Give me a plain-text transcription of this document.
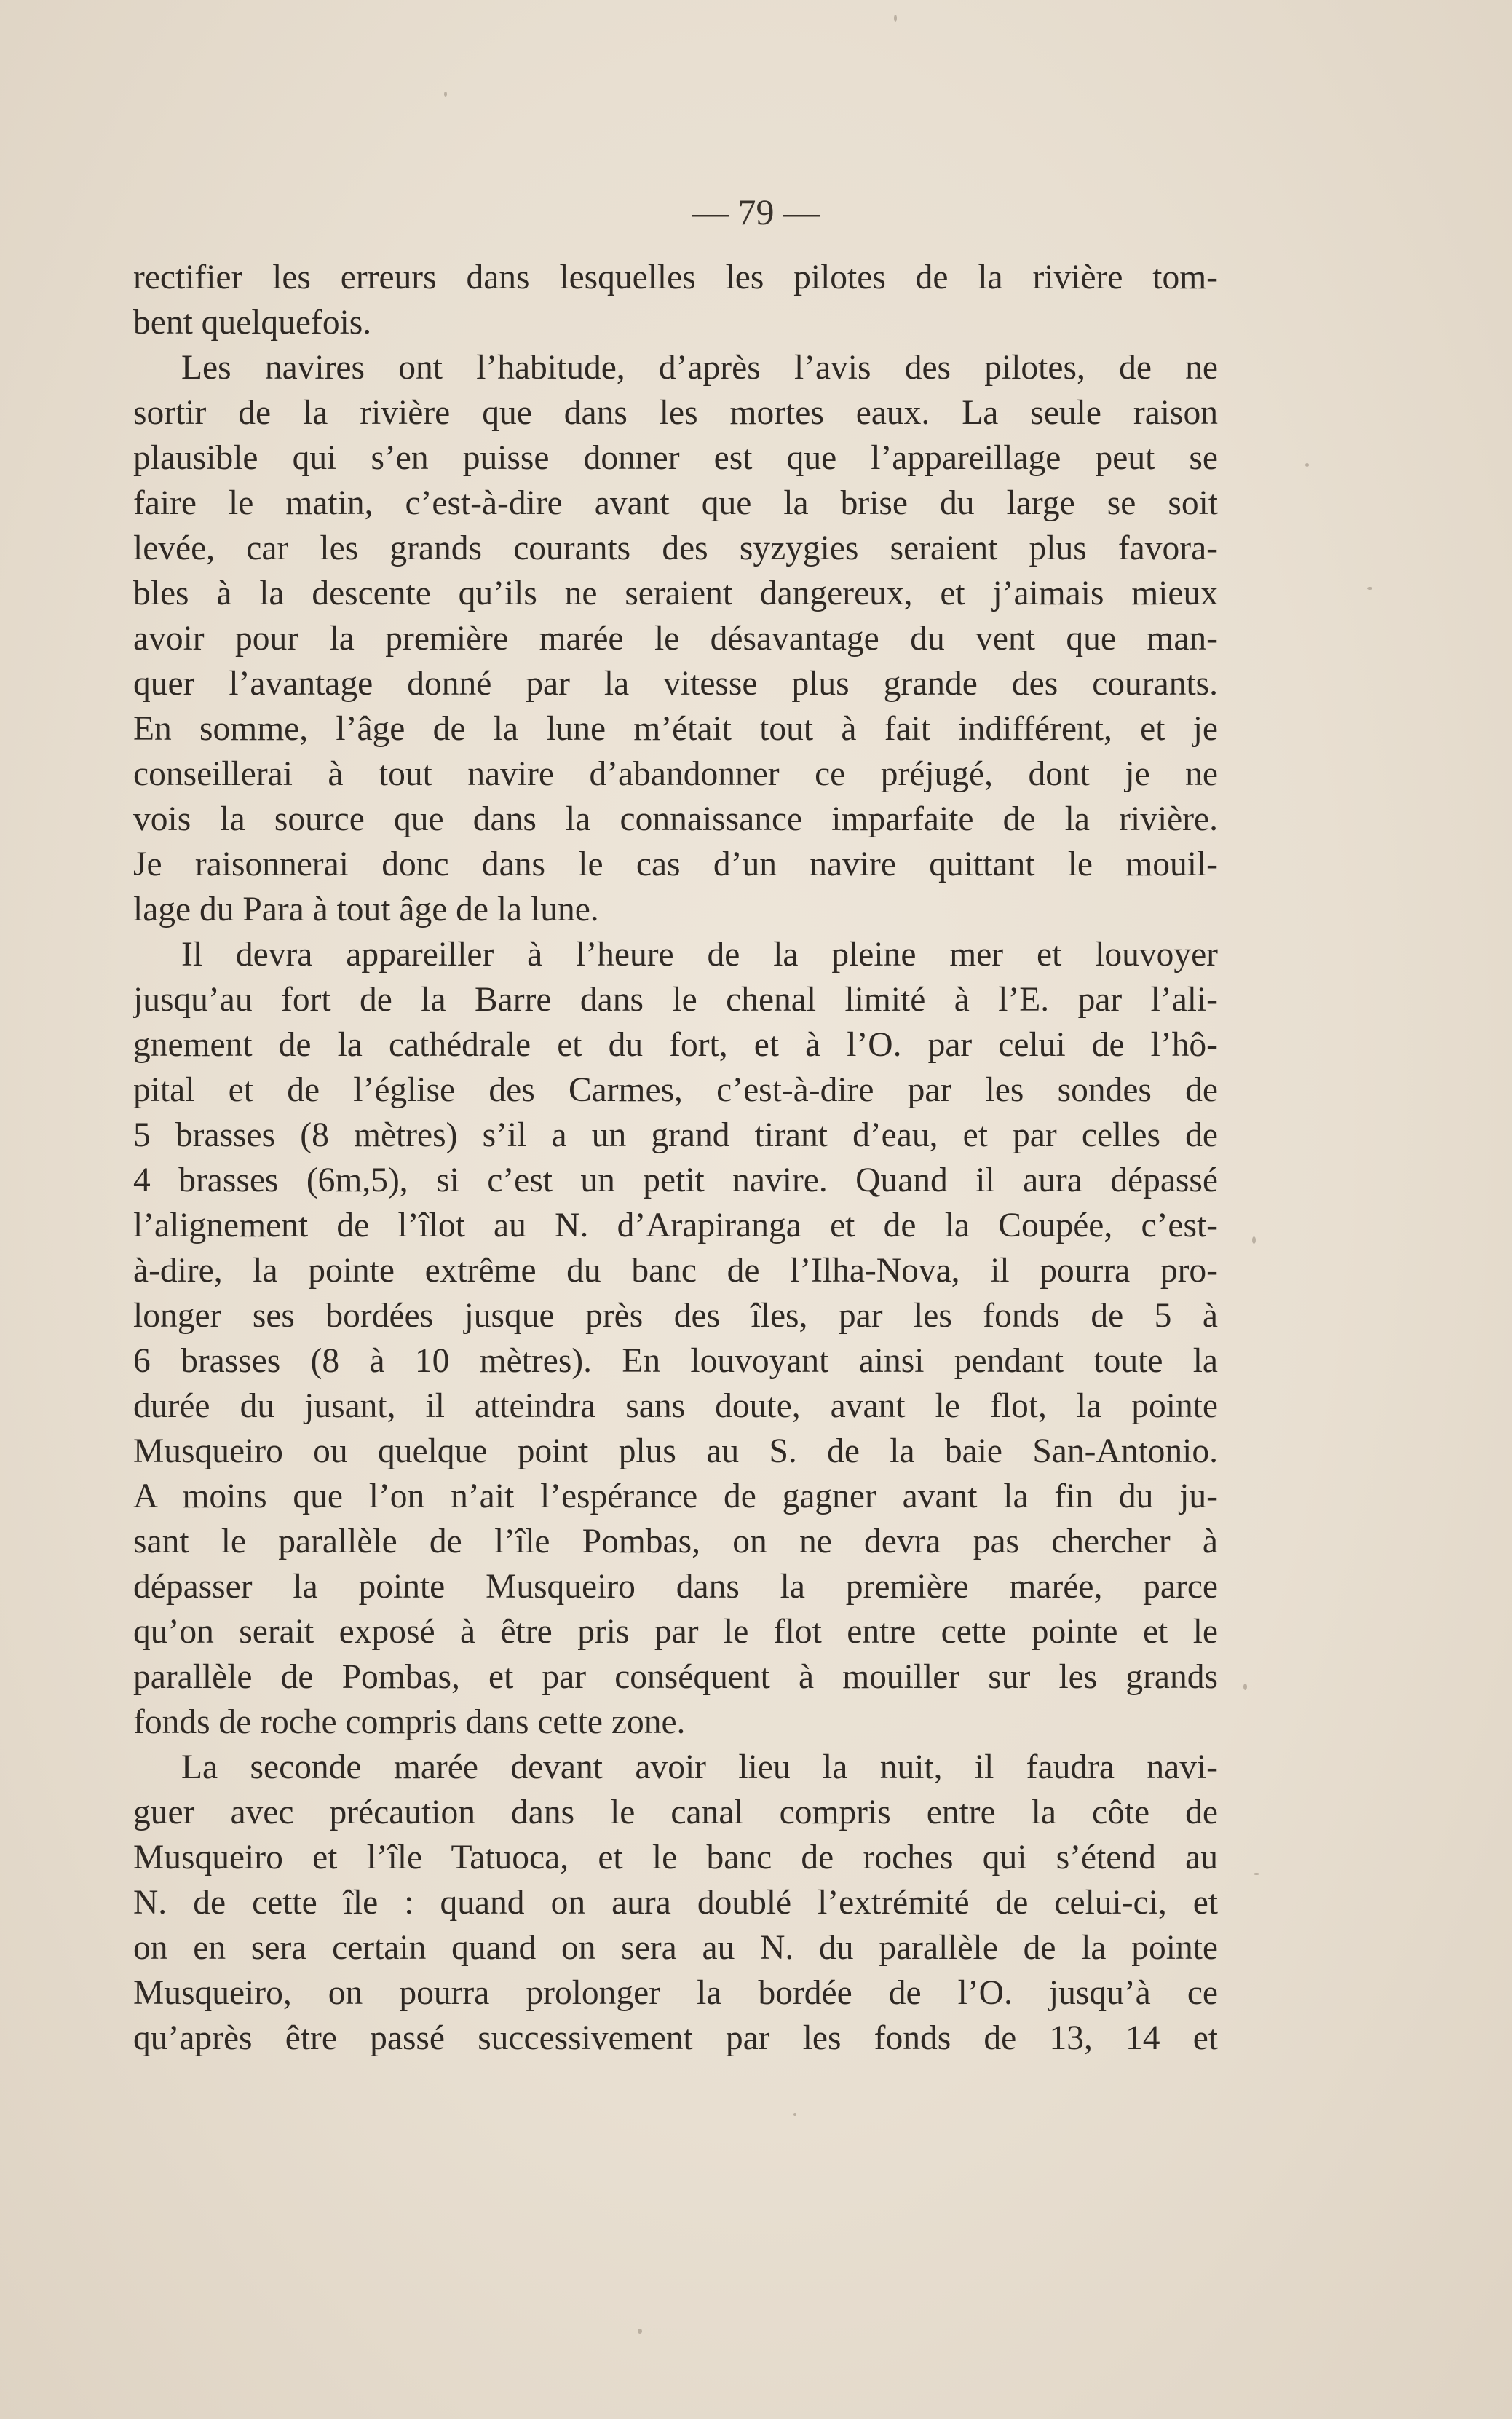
— 79 —
rectifier les erreurs dans lesquelles les pilotes de la rivière tom-
bent quelquefois.
Les navires ont l’habitude, d’après l’avis des pilotes, de ne
sortir de la rivière que dans les mortes eaux. La seule raison
plausible qui s’en puisse donner est que l’appareillage peut se
faire le matin, c’est-à-dire avant que la brise du large se soit
levée, car les grands courants des syzygies seraient plus favora-
bles à la descente qu’ils ne seraient dangereux, et j’aimais mieux
avoir pour la première marée le désavantage du vent que man-
quer l’avantage donné par la vitesse plus grande des courants.
En somme, l’âge de la lune m’était tout à fait indifférent, et je
conseillerai à tout navire d’abandonner ce préjugé, dont je ne
vois la source que dans la connaissance imparfaite de la rivière.
Je raisonnerai donc dans le cas d’un navire quittant le mouil-
lage du Para à tout âge de la lune.
Il devra appareiller à l’heure de la pleine mer et louvoyer
jusqu’au fort de la Barre dans le chenal limité à l’E. par l’ali-
gnement de la cathédrale et du fort, et à l’O. par celui de l’hô-
pital et de l’église des Carmes, c’est-à-dire par les sondes de
5 brasses (8 mètres) s’il a un grand tirant d’eau, et par celles de
4 brasses (6m,5), si c’est un petit navire. Quand il aura dépassé
l’alignement de l’îlot au N. d’Arapiranga et de la Coupée, c’est-
à-dire, la pointe extrême du banc de l’Ilha-Nova, il pourra pro-
longer ses bordées jusque près des îles, par les fonds de 5 à
6 brasses (8 à 10 mètres). En louvoyant ainsi pendant toute la
durée du jusant, il atteindra sans doute, avant le flot, la pointe
Musqueiro ou quelque point plus au S. de la baie San-Antonio.
A moins que l’on n’ait l’espérance de gagner avant la fin du ju-
sant le parallèle de l’île Pombas, on ne devra pas chercher à
dépasser la pointe Musqueiro dans la première marée, parce
qu’on serait exposé à être pris par le flot entre cette pointe et le
parallèle de Pombas, et par conséquent à mouiller sur les grands
fonds de roche compris dans cette zone.
La seconde marée devant avoir lieu la nuit, il faudra navi-
guer avec précaution dans le canal compris entre la côte de
Musqueiro et l’île Tatuoca, et le banc de roches qui s’étend au
N. de cette île : quand on aura doublé l’extrémité de celui-ci, et
on en sera certain quand on sera au N. du parallèle de la pointe
Musqueiro, on pourra prolonger la bordée de l’O. jusqu’à ce
qu’après être passé successivement par les fonds de 13, 14 et
